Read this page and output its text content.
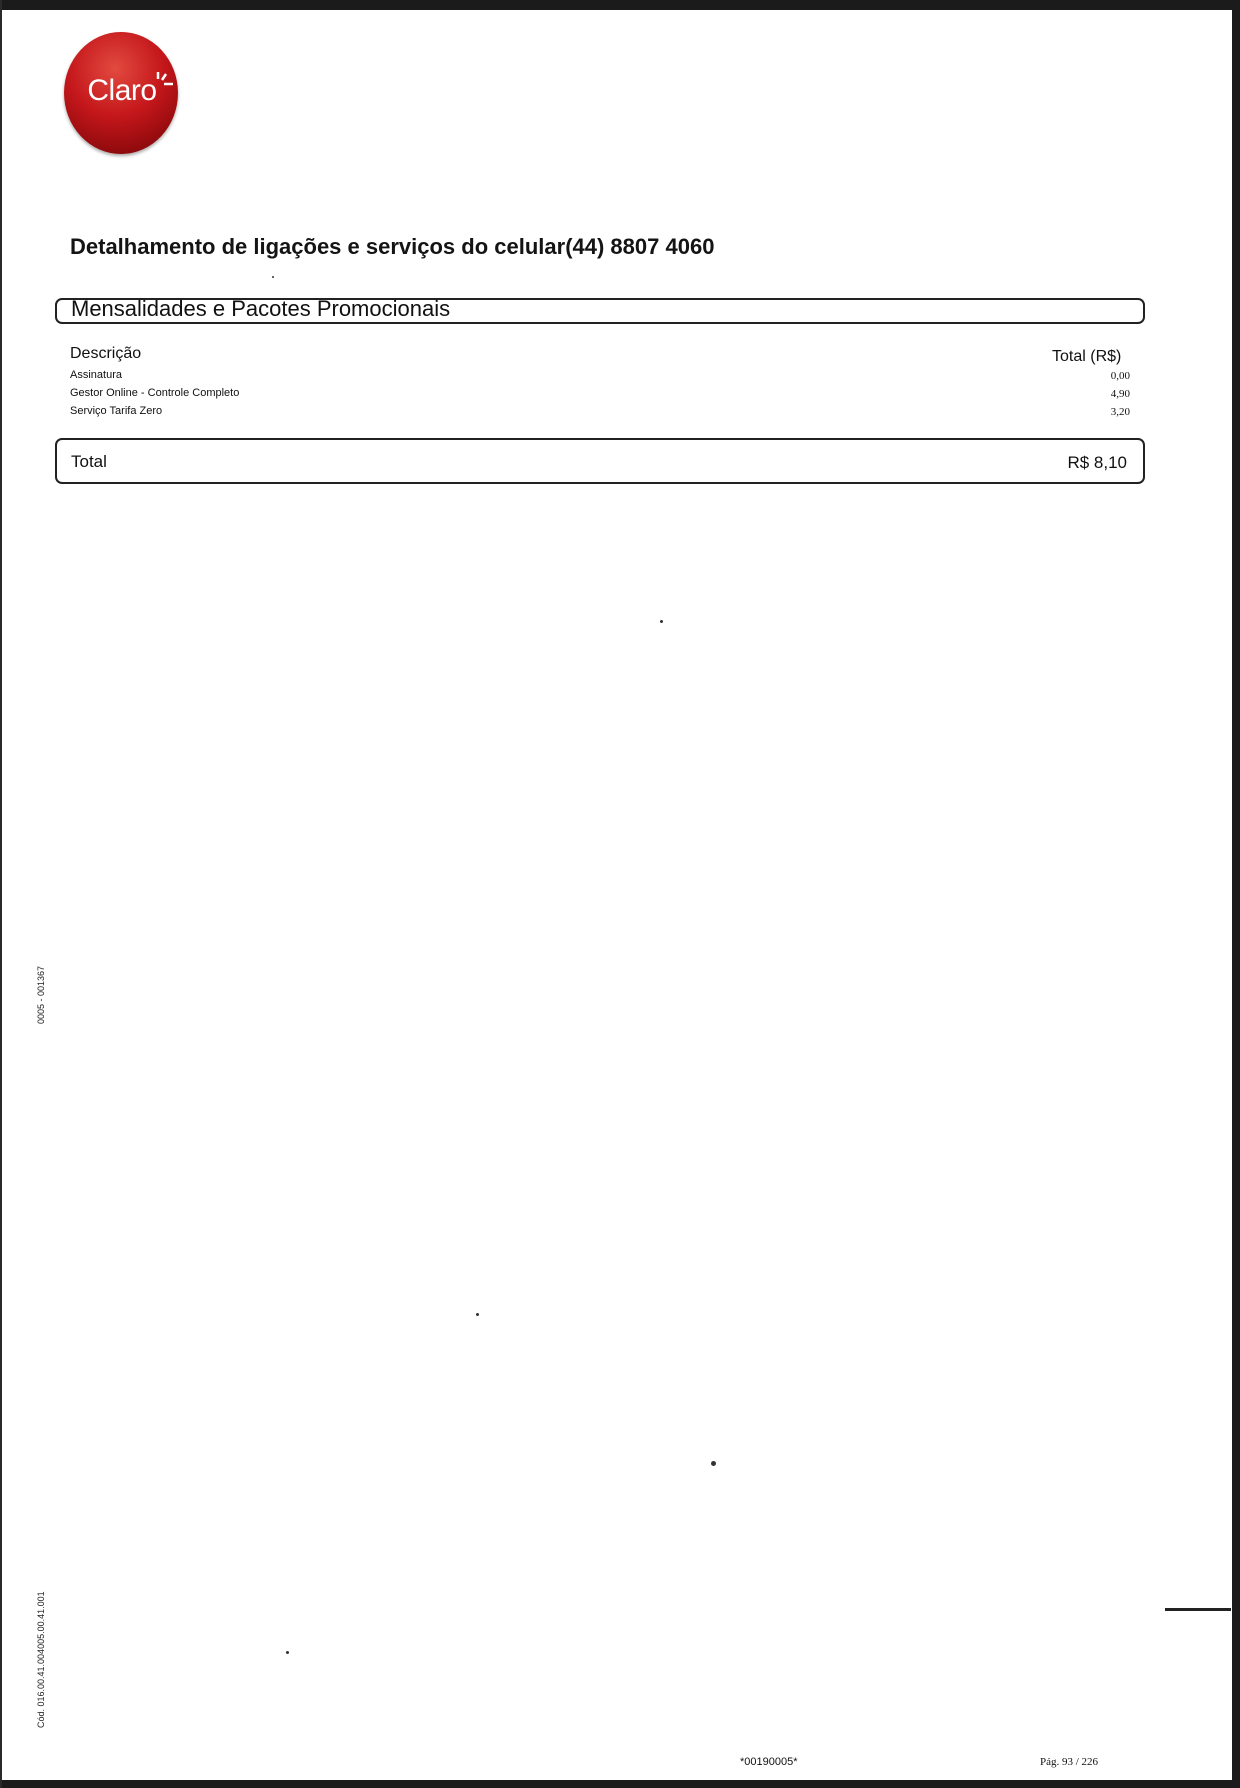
Claro
Detalhamento de ligações e serviços do celular(44) 8807 4060
Mensalidades e Pacotes Promocionais
Descrição	Total (R$)
Assinatura	0,00
Gestor Online - Controle Completo	4,90
Serviço Tarifa Zero	3,20
Total	R$ 8,10
0005 - 001367
Cód. 016.00.41.004005.00.41.001
*00190005*	Pág. 93 / 226
